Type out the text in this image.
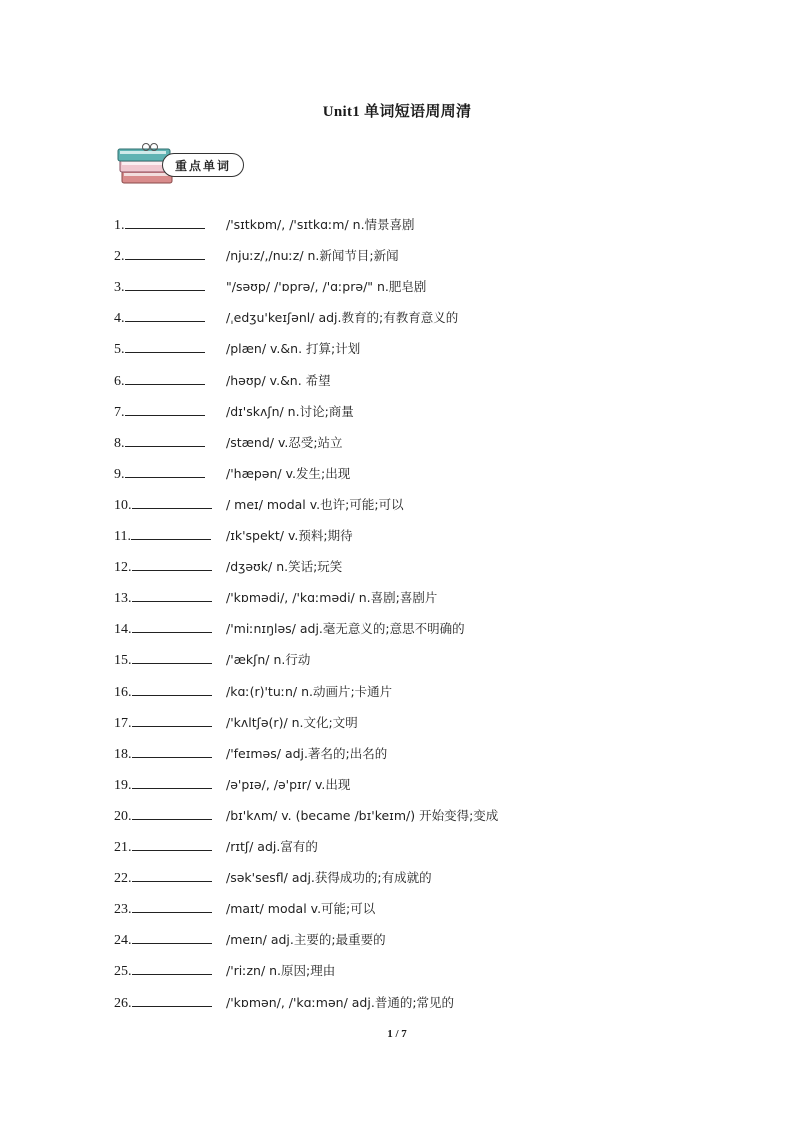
Unit1 单词短语周周清
重点单词
1.	/'sɪtkɒm/, /'sɪtkɑːm/ n.情景喜剧
2.	/njuːz/,/nuːz/ n.新闻节目;新闻
3.	"/səʊp/ /'ɒprə/, /'ɑːprə/" n.肥皂剧
4.	/ˌedʒu'keɪʃənl/ adj.教育的;有教育意义的
5.	/plæn/ v.&n. 打算;计划
6.	/həʊp/ v.&n. 希望
7.	/dɪ'skʌʃn/ n.讨论;商量
8.	/stænd/ v.忍受;站立
9.	/'hæpən/ v.发生;出现
10.	/ meɪ/ modal v.也许;可能;可以
11.	/ɪk'spekt/ v.预料;期待
12.	/dʒəʊk/ n.笑话;玩笑
13.	/'kɒmədi/, /'kɑːmədi/ n.喜剧;喜剧片
14.	/'miːnɪŋləs/ adj.毫无意义的;意思不明确的
15.	/'ækʃn/ n.行动
16.	/kɑː(r)'tuːn/ n.动画片;卡通片
17.	/'kʌltʃə(r)/ n.文化;文明
18.	/'feɪməs/ adj.著名的;出名的
19.	/ə'pɪə/, /ə'pɪr/ v.出现
20.	/bɪ'kʌm/ v. (became /bɪ'keɪm/) 开始变得;变成
21.	/rɪtʃ/ adj.富有的
22.	/sək'sesfl/ adj.获得成功的;有成就的
23.	/maɪt/ modal v.可能;可以
24.	/meɪn/ adj.主要的;最重要的
25.	/'riːzn/ n.原因;理由
26.	/'kɒmən/, /'kɑːmən/ adj.普通的;常见的
1 / 7
